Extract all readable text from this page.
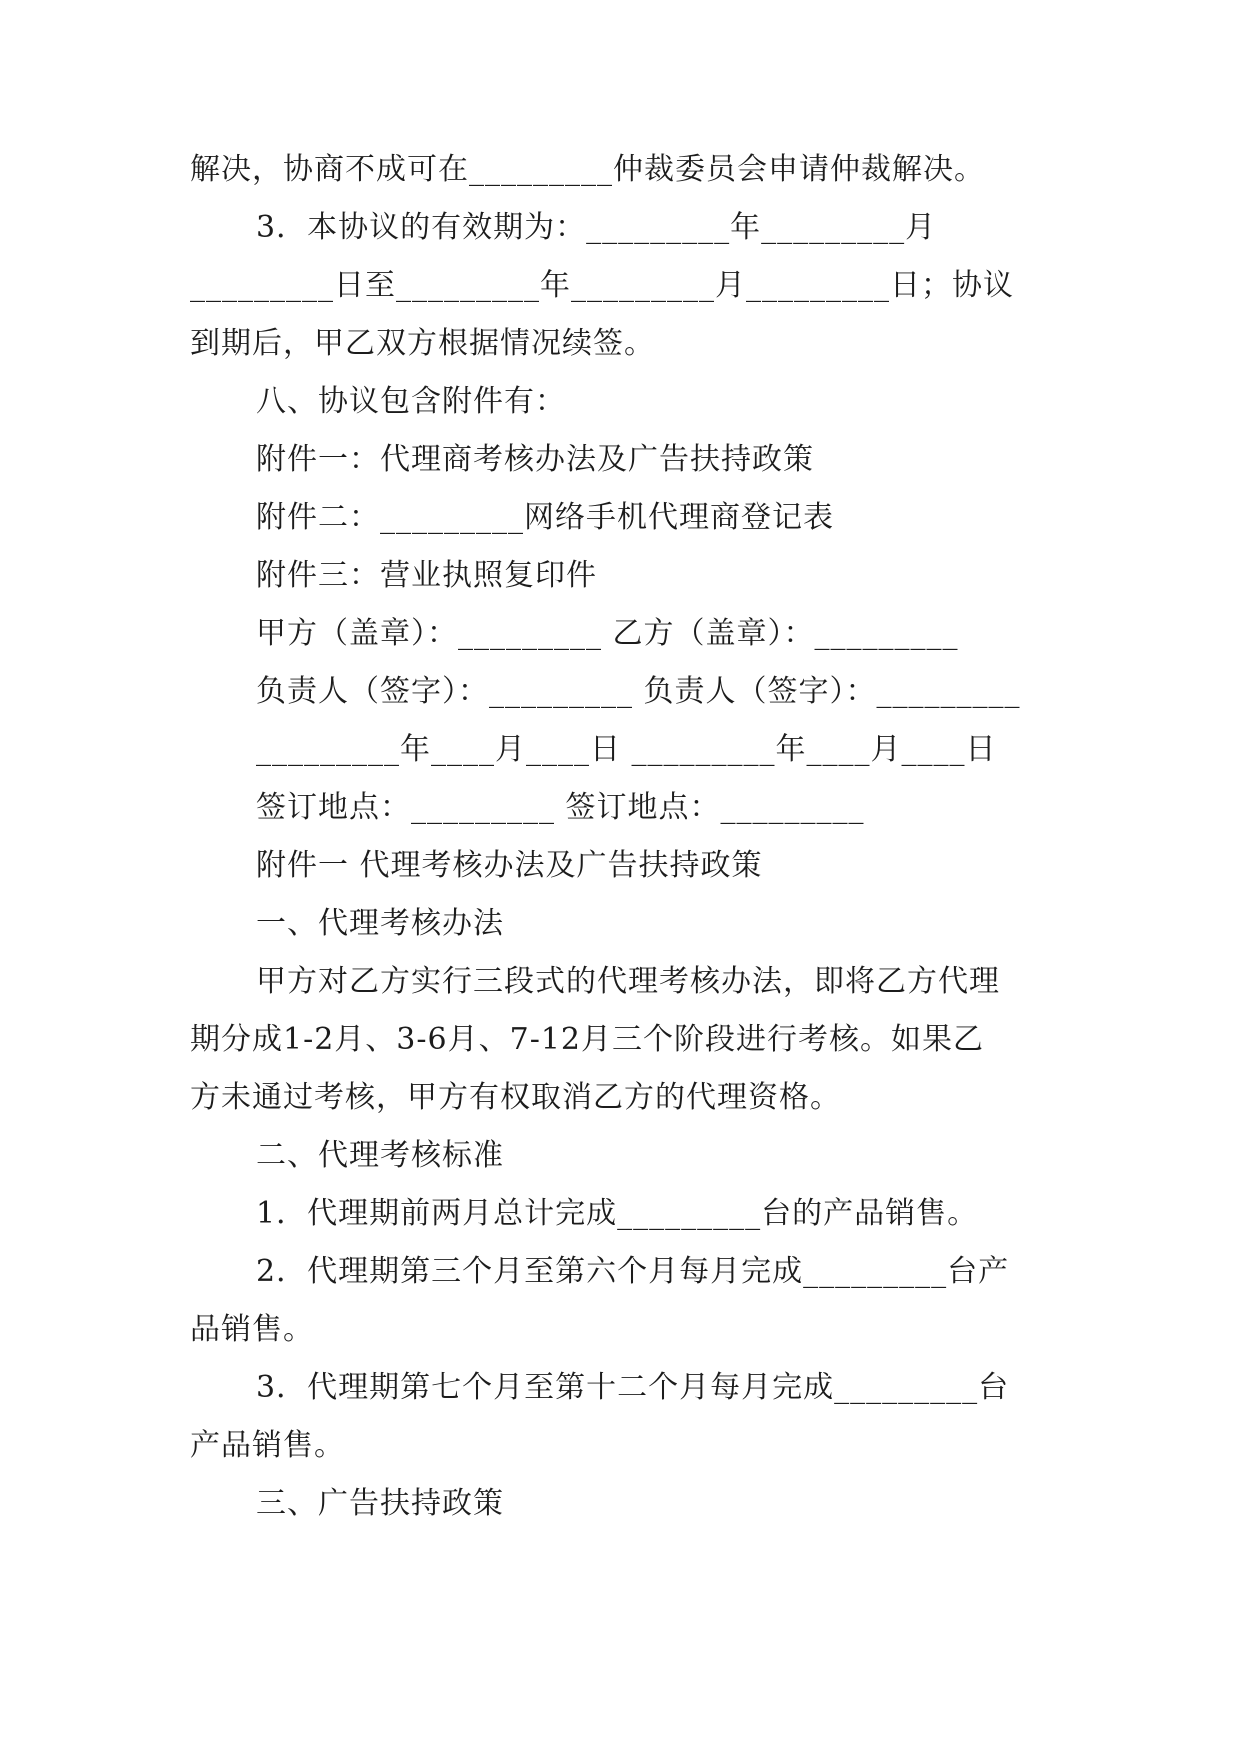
解决，协商不成可在_________仲裁委员会申请仲裁解决。
3．本协议的有效期为：_________年_________月
_________日至_________年_________月_________日；协议
到期后，甲乙双方根据情况续签。
八、协议包含附件有：
附件一：代理商考核办法及广告扶持政策
附件二：_________网络手机代理商登记表
附件三：营业执照复印件
甲方（盖章）：_________ 乙方（盖章）：_________
负责人（签字）：_________ 负责人（签字）：_________
_________年____月____日 _________年____月____日
签订地点：_________ 签订地点：_________
附件一 代理考核办法及广告扶持政策
一、代理考核办法
甲方对乙方实行三段式的代理考核办法，即将乙方代理
期分成1-2月、3-6月、7-12月三个阶段进行考核。如果乙
方未通过考核，甲方有权取消乙方的代理资格。
二、代理考核标准
1．代理期前两月总计完成_________台的产品销售。
2．代理期第三个月至第六个月每月完成_________台产
品销售。
3．代理期第七个月至第十二个月每月完成_________台
产品销售。
三、广告扶持政策
